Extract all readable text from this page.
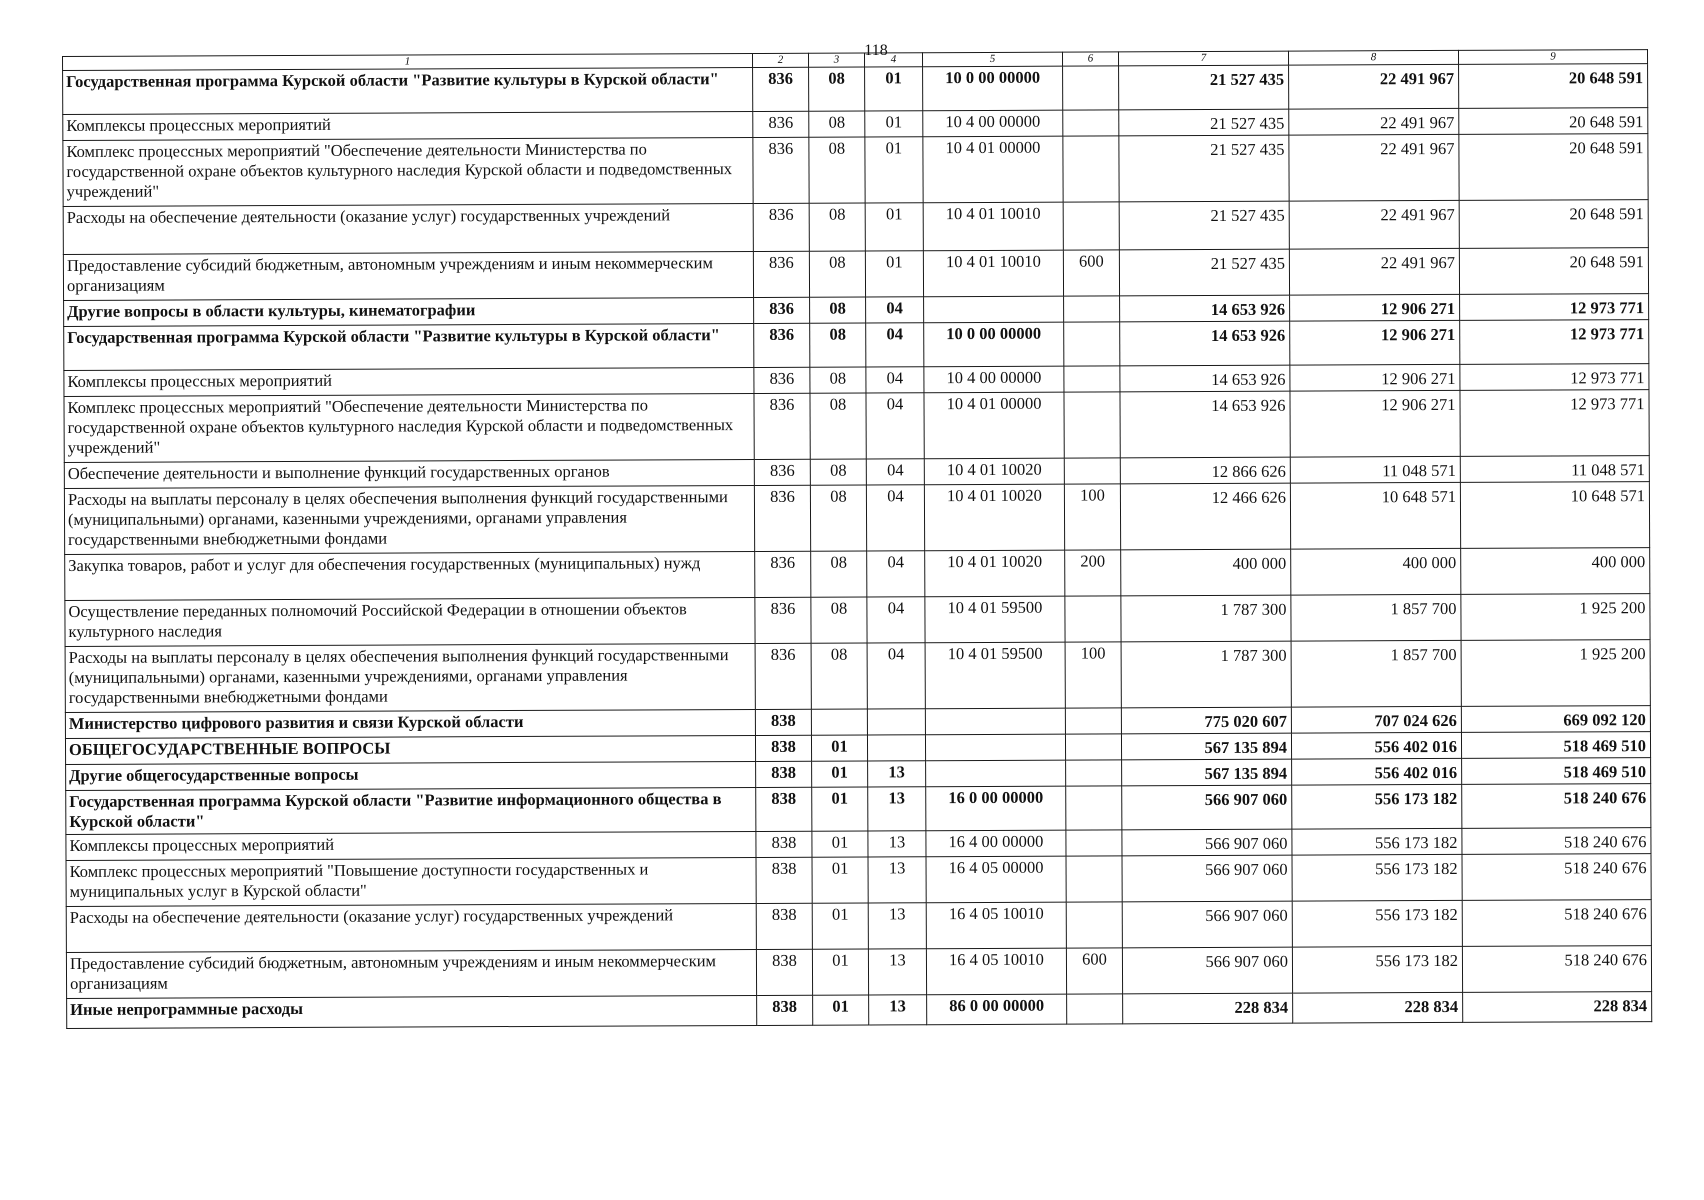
118
1	2	3	4	5	6	7	8	9
Государственная программа Курской области "Развитие культуры в Курской области"	836	08	01	10 0 00 00000		21 527 435	22 491 967	20 648 591
Комплексы процессных мероприятий	836	08	01	10 4 00 00000		21 527 435	22 491 967	20 648 591
Комплекс процессных мероприятий "Обеспечение деятельности Министерства по государственной охране объектов культурного наследия Курской области и подведомственных учреждений"	836	08	01	10 4 01 00000		21 527 435	22 491 967	20 648 591
Расходы на обеспечение деятельности (оказание услуг) государственных учреждений	836	08	01	10 4 01 10010		21 527 435	22 491 967	20 648 591
Предоставление субсидий бюджетным, автономным учреждениям и иным некоммерческим организациям	836	08	01	10 4 01 10010	600	21 527 435	22 491 967	20 648 591
Другие вопросы в области культуры, кинематографии	836	08	04			14 653 926	12 906 271	12 973 771
Государственная программа Курской области "Развитие культуры в Курской области"	836	08	04	10 0 00 00000		14 653 926	12 906 271	12 973 771
Комплексы процессных мероприятий	836	08	04	10 4 00 00000		14 653 926	12 906 271	12 973 771
Комплекс процессных мероприятий "Обеспечение деятельности Министерства по государственной охране объектов культурного наследия Курской области и подведомственных учреждений"	836	08	04	10 4 01 00000		14 653 926	12 906 271	12 973 771
Обеспечение деятельности и выполнение функций государственных органов	836	08	04	10 4 01 10020		12 866 626	11 048 571	11 048 571
Расходы на выплаты персоналу в целях обеспечения выполнения функций государственными (муниципальными) органами, казенными учреждениями, органами управления государственными внебюджетными фондами	836	08	04	10 4 01 10020	100	12 466 626	10 648 571	10 648 571
Закупка товаров, работ и услуг для обеспечения государственных (муниципальных) нужд	836	08	04	10 4 01 10020	200	400 000	400 000	400 000
Осуществление переданных полномочий Российской Федерации в отношении объектов культурного наследия	836	08	04	10 4 01 59500		1 787 300	1 857 700	1 925 200
Расходы на выплаты персоналу в целях обеспечения выполнения функций государственными (муниципальными) органами, казенными учреждениями, органами управления государственными внебюджетными фондами	836	08	04	10 4 01 59500	100	1 787 300	1 857 700	1 925 200
Министерство цифрового развития и связи Курской области	838					775 020 607	707 024 626	669 092 120
ОБЩЕГОСУДАРСТВЕННЫЕ ВОПРОСЫ	838	01				567 135 894	556 402 016	518 469 510
Другие общегосударственные вопросы	838	01	13			567 135 894	556 402 016	518 469 510
Государственная программа Курской области "Развитие информационного общества в Курской области"	838	01	13	16 0 00 00000		566 907 060	556 173 182	518 240 676
Комплексы процессных мероприятий	838	01	13	16 4 00 00000		566 907 060	556 173 182	518 240 676
Комплекс процессных мероприятий "Повышение доступности государственных и муниципальных услуг в Курской области"	838	01	13	16 4 05 00000		566 907 060	556 173 182	518 240 676
Расходы на обеспечение деятельности (оказание услуг) государственных учреждений	838	01	13	16 4 05 10010		566 907 060	556 173 182	518 240 676
Предоставление субсидий бюджетным, автономным учреждениям и иным некоммерческим организациям	838	01	13	16 4 05 10010	600	566 907 060	556 173 182	518 240 676
Иные непрограммные расходы	838	01	13	86 0 00 00000		228 834	228 834	228 834
